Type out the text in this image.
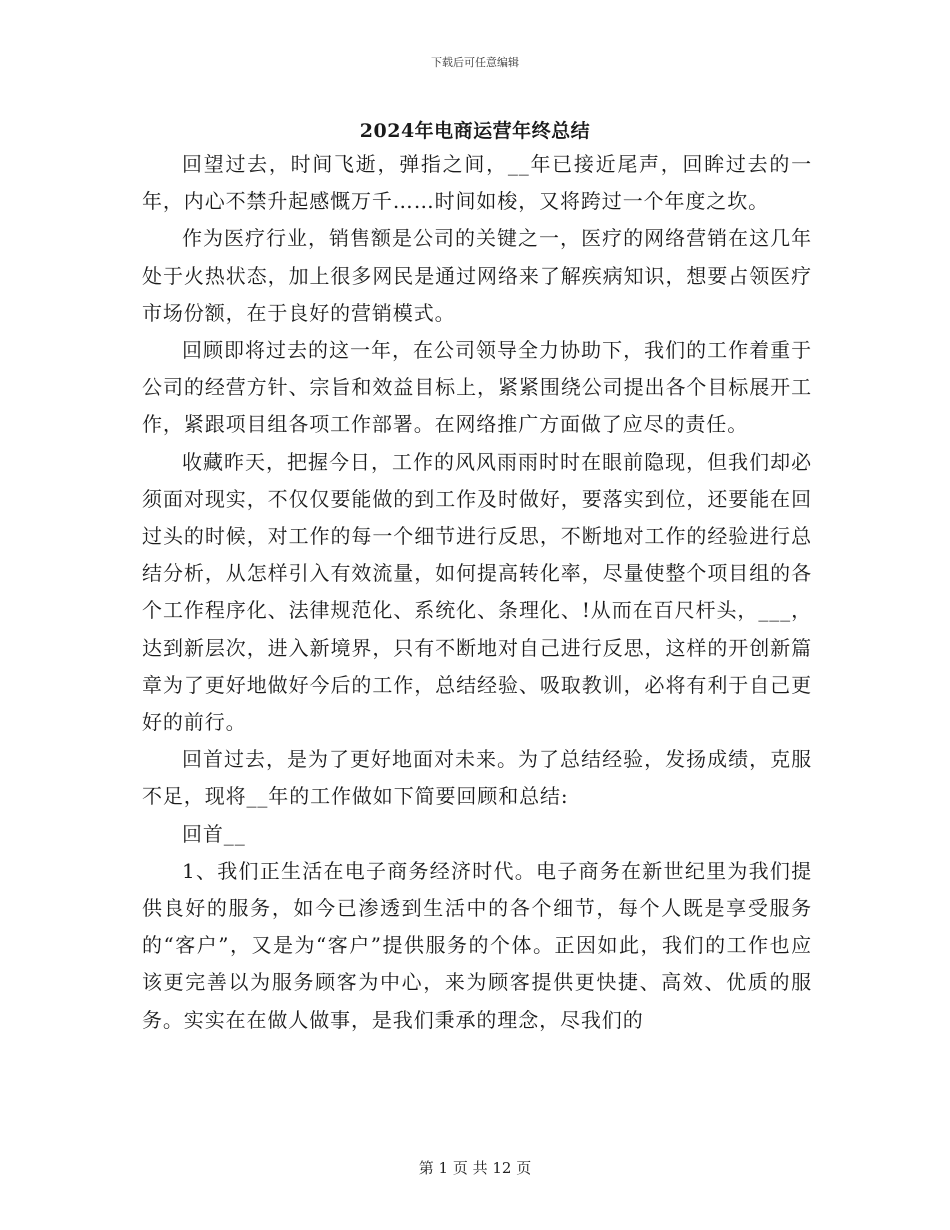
下载后可任意编辑
2024年电商运营年终总结

回望过去，时间飞逝，弹指之间，__年已接近尾声，回眸过去的一年，内心不禁升起感慨万千……时间如梭，又将跨过一个年度之坎。

作为医疗行业，销售额是公司的关键之一，医疗的网络营销在这几年处于火热状态，加上很多网民是通过网络来了解疾病知识，想要占领医疗市场份额，在于良好的营销模式。

回顾即将过去的这一年，在公司领导全力协助下，我们的工作着重于公司的经营方针、宗旨和效益目标上，紧紧围绕公司提出各个目标展开工作，紧跟项目组各项工作部署。在网络推广方面做了应尽的责任。

收藏昨天，把握今日，工作的风风雨雨时时在眼前隐现，但我们却必须面对现实，不仅仅要能做的到工作及时做好，要落实到位，还要能在回过头的时候，对工作的每一个细节进行反思，不断地对工作的经验进行总结分析，从怎样引入有效流量，如何提高转化率，尽量使整个项目组的各个工作程序化、法律规范化、系统化、条理化、!从而在百尺杆头，___，达到新层次，进入新境界，只有不断地对自己进行反思，这样的开创新篇章为了更好地做好今后的工作，总结经验、吸取教训，必将有利于自己更好的前行。

回首过去，是为了更好地面对未来。为了总结经验，发扬成绩，克服不足，现将__年的工作做如下简要回顾和总结:

回首__

1、我们正生活在电子商务经济时代。电子商务在新世纪里为我们提供良好的服务，如今已渗透到生活中的各个细节，每个人既是享受服务的“客户”，又是为“客户”提供服务的个体。正因如此，我们的工作也应该更完善以为服务顾客为中心，来为顾客提供更快捷、高效、优质的服务。实实在在做人做事，是我们秉承的理念，尽我们的

第 1 页 共 12 页
